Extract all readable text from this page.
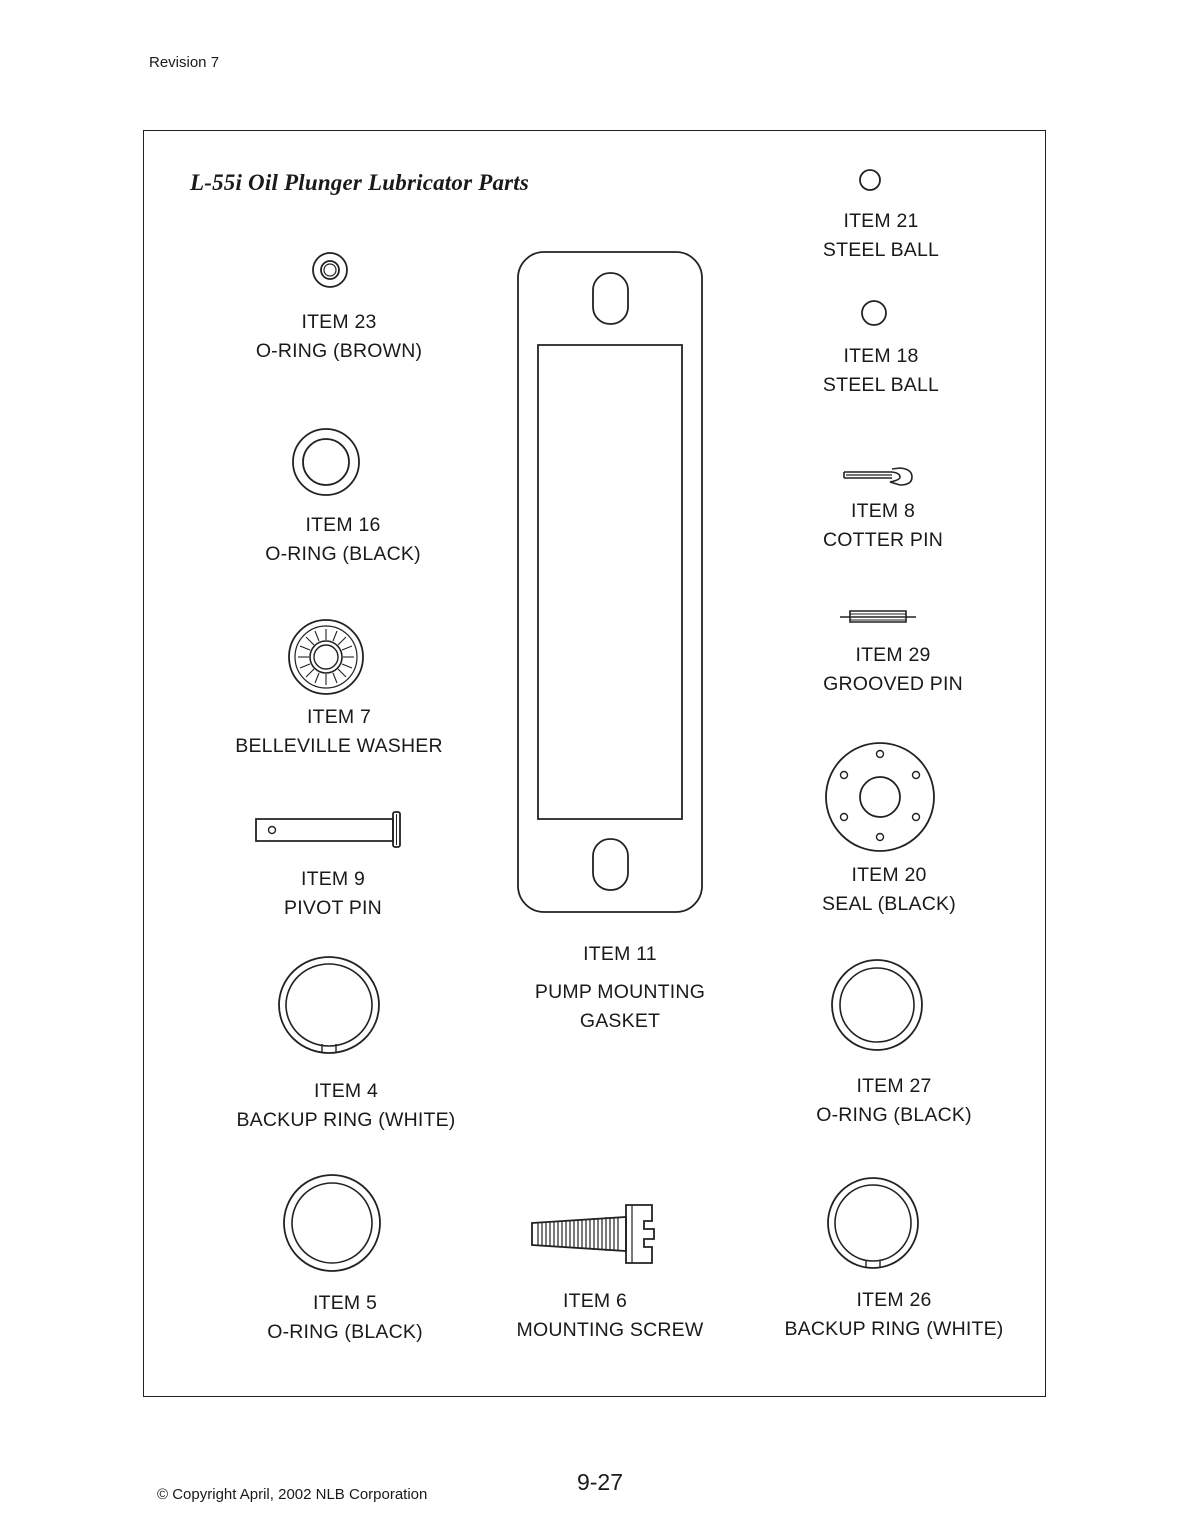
Revision 7
L-55i Oil Plunger Lubricator Parts
ITEM 21
STEEL BALL
ITEM 18
STEEL BALL
ITEM 8
COTTER PIN
ITEM 29
GROOVED PIN
ITEM 20
SEAL (BLACK)
ITEM 27
O-RING (BLACK)
ITEM 26
BACKUP RING (WHITE)
ITEM 23
O-RING (BROWN)
ITEM 16
O-RING (BLACK)
ITEM 7
BELLEVILLE WASHER
ITEM 9
PIVOT PIN
ITEM 4
BACKUP RING (WHITE)
ITEM 5
O-RING (BLACK)
ITEM 11
PUMP MOUNTING
GASKET
ITEM 6
MOUNTING SCREW
© Copyright April, 2002 NLB Corporation	9-27
